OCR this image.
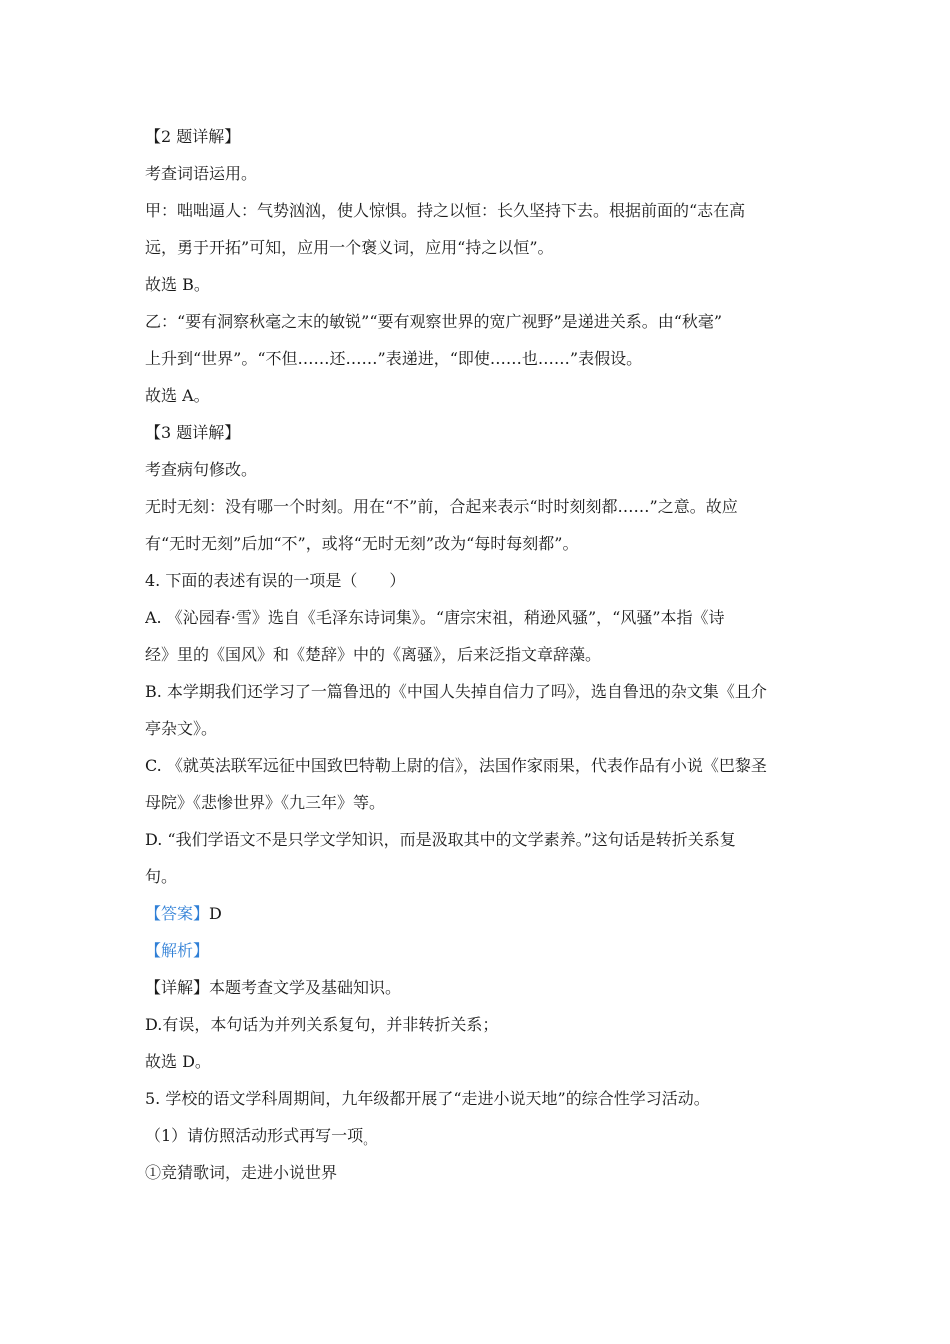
【2 题详解】
考查词语运用。
甲：咄咄逼人：气势汹汹，使人惊惧。持之以恒：长久坚持下去。根据前面的“志在高
远，勇于开拓”可知，应用一个褒义词，应用“持之以恒”。
故选 B。
乙：“要有洞察秋毫之末的敏锐”“要有观察世界的宽广视野”是递进关系。由“秋毫”
上升到“世界”。“不但……还……”表递进，“即使……也……”表假设。
故选 A。
【3 题详解】
考查病句修改。
无时无刻：没有哪一个时刻。用在“不”前，合起来表示“时时刻刻都……”之意。故应
有“无时无刻”后加“不”，或将“无时无刻”改为“每时每刻都”。
4. 下面的表述有误的一项是（　　）
A. 《沁园春·雪》选自《毛泽东诗词集》。“唐宗宋祖，稍逊风骚”，“风骚”本指《诗
经》里的《国风》和《楚辞》中的《离骚》，后来泛指文章辞藻。
B. 本学期我们还学习了一篇鲁迅的《中国人失掉自信力了吗》，选自鲁迅的杂文集《且介
亭杂文》。
C. 《就英法联军远征中国致巴特勒上尉的信》，法国作家雨果，代表作品有小说《巴黎圣
母院》《悲惨世界》《九三年》等。
D. “我们学语文不是只学文学知识，而是汲取其中的文学素养。”这句话是转折关系复
句。
【答案】D
【解析】
【详解】本题考查文学及基础知识。
D.有误，本句话为并列关系复句，并非转折关系；
故选 D。
5. 学校的语文学科周期间，九年级都开展了“走进小说天地”的综合性学习活动。
（1）请仿照活动形式再写一项。
①竞猜歌词，走进小说世界
